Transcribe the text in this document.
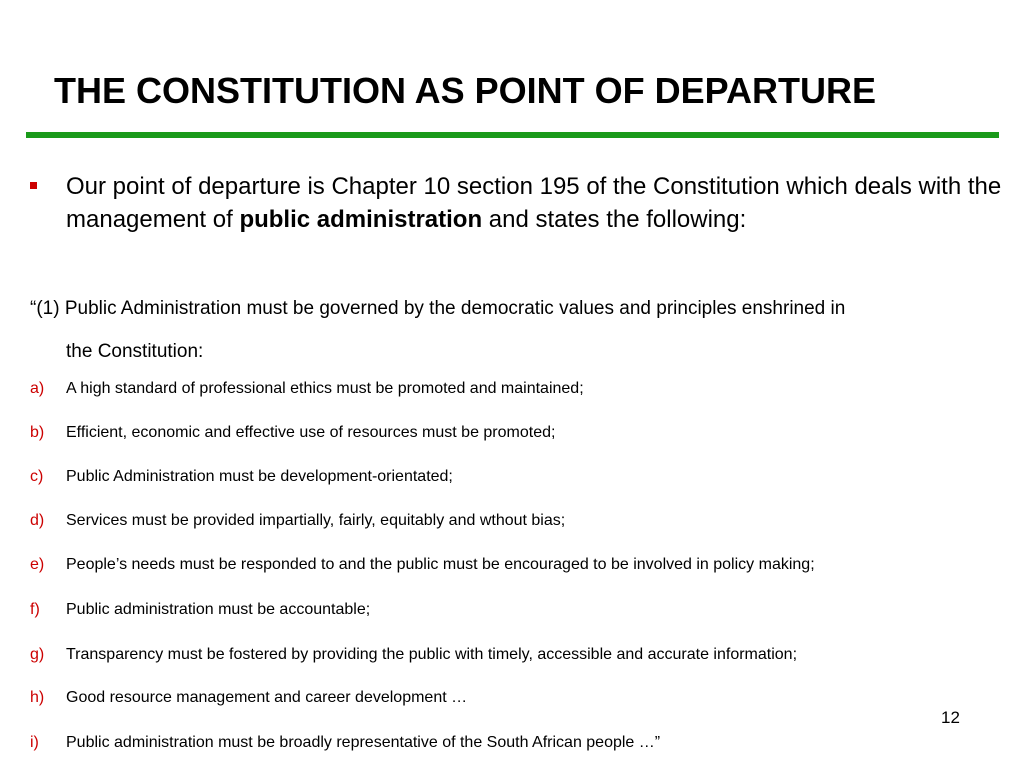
THE CONSTITUTION AS POINT OF DEPARTURE
Our point of departure is Chapter 10 section 195 of the Constitution which deals with the management of public administration and states the following:
“(1) Public Administration must be governed by the democratic values and principles enshrined in
the Constitution:
a) A high standard of professional ethics must be promoted and maintained;
b) Efficient, economic and effective use of resources must be promoted;
c) Public Administration must be development-orientated;
d) Services must be provided impartially, fairly, equitably and wthout bias;
e) People’s needs must be responded to and the public must be encouraged to be involved in policy making;
f) Public administration must be accountable;
g) Transparency must be fostered by providing the public with timely, accessible and accurate information;
h) Good resource management and career development …
i) Public administration must be broadly representative of the South African people …”
12
